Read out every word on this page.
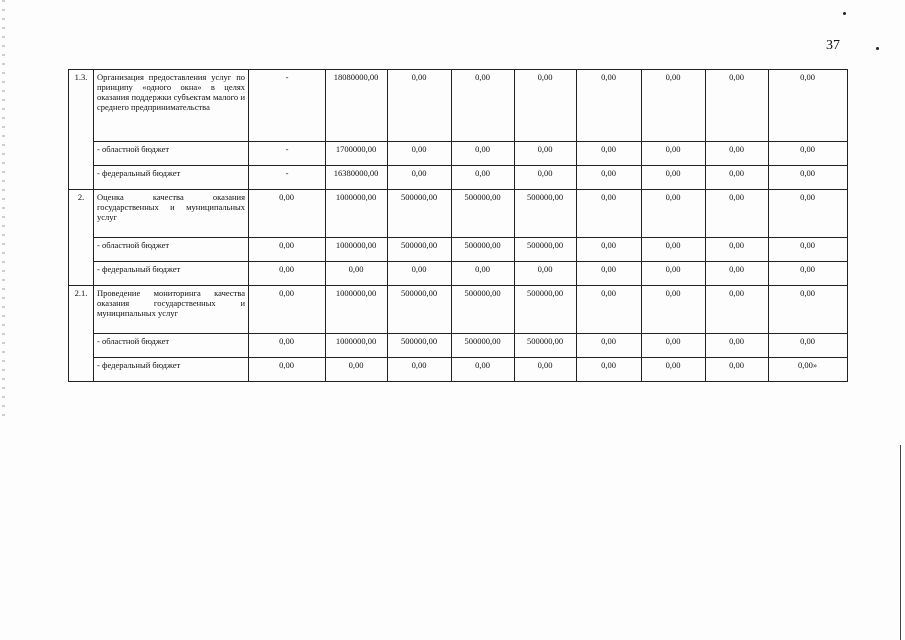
37
1.3.	Организация предоставления услуг по принципу «одного окна» в целях оказания поддержки субъектам малого и среднего предпринимательства	-	18080000,00	0,00	0,00	0,00	0,00	0,00	0,00	0,00
	- областной бюджет	-	1700000,00	0,00	0,00	0,00	0,00	0,00	0,00	0,00
	- федеральный бюджет	-	16380000,00	0,00	0,00	0,00	0,00	0,00	0,00	0,00
2.	Оценка качества оказания государственных и муниципальных услуг	0,00	1000000,00	500000,00	500000,00	500000,00	0,00	0,00	0,00	0,00
	- областной бюджет	0,00	1000000,00	500000,00	500000,00	500000,00	0,00	0,00	0,00	0,00
	- федеральный бюджет	0,00	0,00	0,00	0,00	0,00	0,00	0,00	0,00	0,00
2.1.	Проведение мониторинга качества оказания государственных и муниципальных услуг	0,00	1000000,00	500000,00	500000,00	500000,00	0,00	0,00	0,00	0,00
	- областной бюджет	0,00	1000000,00	500000,00	500000,00	500000,00	0,00	0,00	0,00	0,00
	- федеральный бюджет	0,00	0,00	0,00	0,00	0,00	0,00	0,00	0,00	0,00»
